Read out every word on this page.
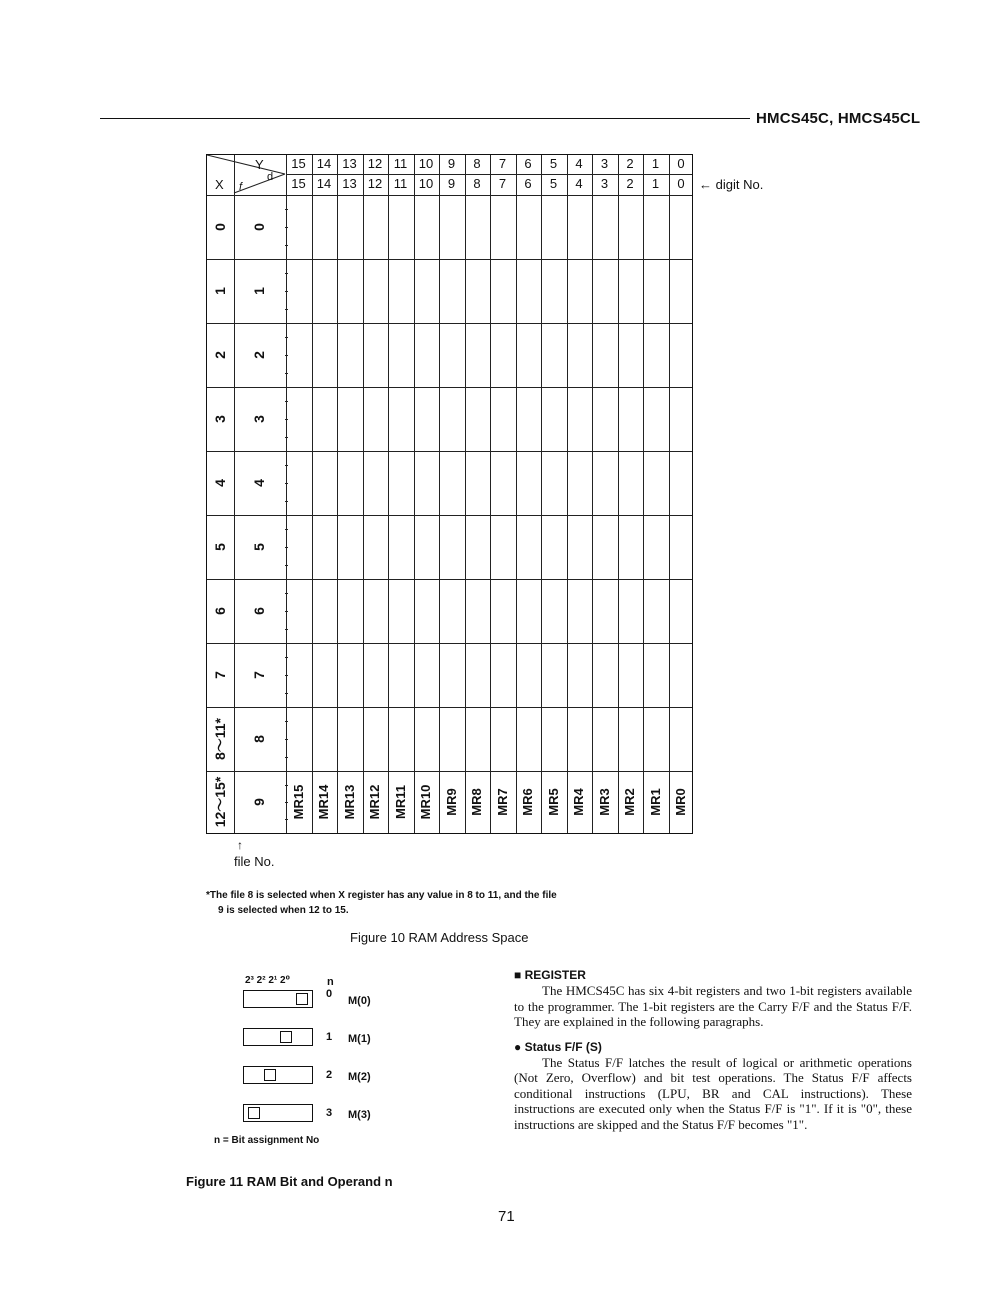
HMCS45C, HMCS45CL
Y
X f
d
15 14 13 12 11 10	9	8	7	6	5	4	3	2	1	0
15 14 13 12 11 10	9	8	7	6	5	4	3	2	1	0
0 0
1 1
2 2
3 3
4 4
5 5
6 6
7 7
8～11* 8
12～15* 9 MR15 MR14 MR13 MR12 MR11 MR10 MR9 MR8 MR7 MR6 MR5 MR4 MR3 MR2 MR1 MR0
← digit No.
↑
file No.
*The file 8 is selected when X register has any value in 8 to 11, and the file
9 is selected when 12 to 15.
Figure 10 RAM Address Space
2³ 2² 2¹ 2⁰	n
0
M(0)
1 M(1)
2 M(2)
3 M(3)
n = Bit assignment No
Figure 11 RAM Bit and Operand n

■ REGISTER

The HMCS45C has six 4-bit registers and two 1-bit registers available to the programmer. The 1-bit registers are the Carry F/F and the Status F/F. They are explained in the following paragraphs.

● Status F/F (S)

The Status F/F latches the result of logical or arithmetic operations (Not Zero, Overflow) and bit test operations. The Status F/F affects conditional instructions (LPU, BR and CAL instructions). These instructions are executed only when the Status F/F is "1". If it is "0", these instructions are skipped and the Status F/F becomes "1".

71
